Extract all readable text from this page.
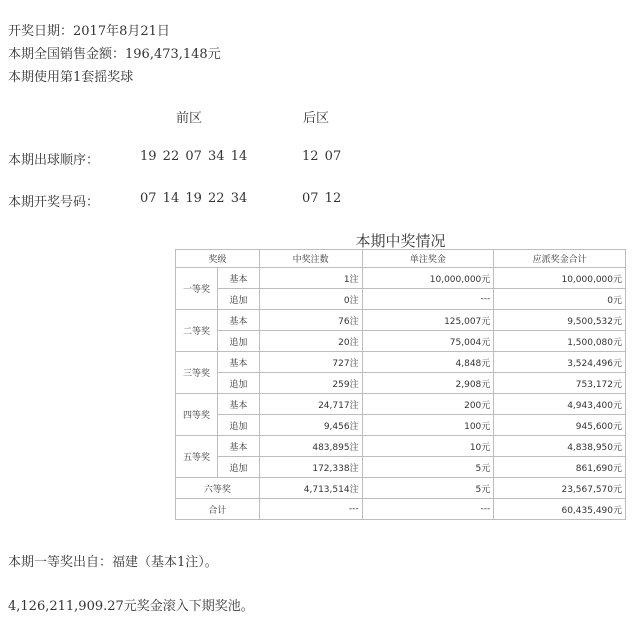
开奖日期：2017年8月21日
本期全国销售金额：196,473,148元
本期使用第1套摇奖球
前区	后区
本期出球顺序：	19 22 07 34 14	12 07
本期开奖号码：	07 14 19 22 34	07 12
本期中奖情况
奖级		中奖注数	单注奖金	应派奖金合计
一等奖	基本	1注	10,000,000元	10,000,000元
	追加	0注	---	0元
二等奖	基本	76注	125,007元	9,500,532元
	追加	20注	75,004元	1,500,080元
三等奖	基本	727注	4,848元	3,524,496元
	追加	259注	2,908元	753,172元
四等奖	基本	24,717注	200元	4,943,400元
	追加	9,456注	100元	945,600元
五等奖	基本	483,895注	10元	4,838,950元
	追加	172,338注	5元	861,690元
六等奖		4,713,514注	5元	23,567,570元
合计		---	---	60,435,490元
本期一等奖出自：福建（基本1注）。
4,126,211,909.27元奖金滚入下期奖池。
